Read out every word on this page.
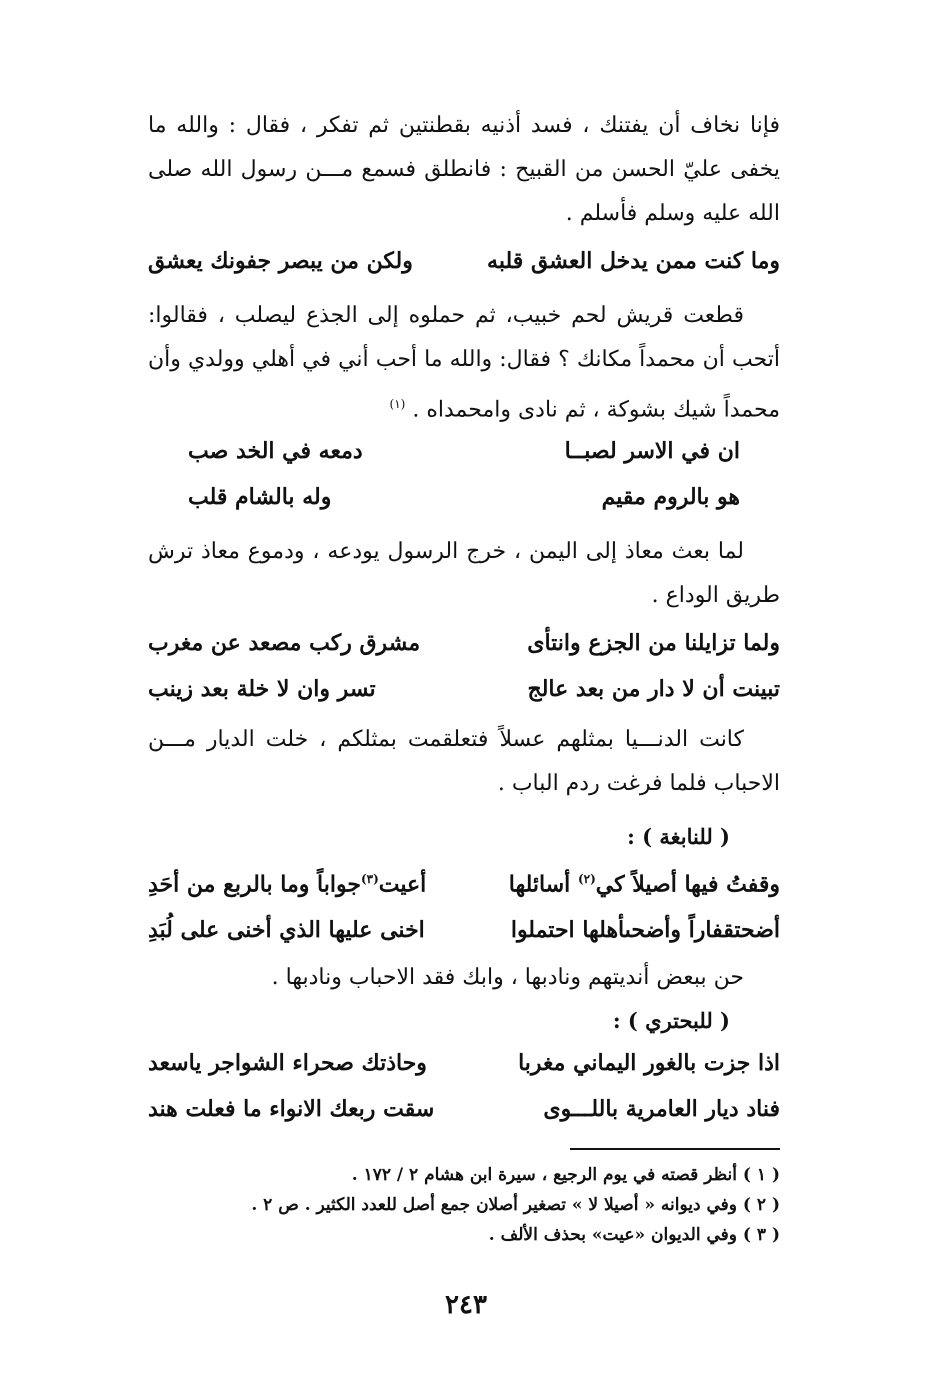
فإنا نخاف أن يفتنك ، فسد أذنيه بقطنتين ثم تفكر ، فقال : والله ما يخفى عليّ الحسن من القبيح : فانطلق فسمع مـــن رسول الله صلى الله عليه وسلم فأسلم .

وما كنت ممن يدخل العشق قلبه
ولكن من يبصر جفونك يعشق

قطعت قريش لحم خبيب، ثم حملوه إلى الجذع ليصلب ، فقالوا: أتحب أن محمداً مكانك ؟ فقال: والله ما أحب أني في أهلي وولدي وأن محمداً شيك بشوكة ، ثم نادى وامحمداه . $^{(١)}$

ان في الاسر لصبــا
دمعه في الخد صب
هو بالروم مقيم
وله بالشام قلب

لما بعث معاذ إلى اليمن ، خرج الرسول يودعه ، ودموع معاذ ترش طريق الوداع .

ولما تزايلنا من الجزع وانتأى
مشرق ركب مصعد عن مغرب
تبينت أن لا دار من بعد عالج
تسر وان لا خلة بعد زينب

كانت الدنـــيا بمثلهم عسلاً فتعلقمت بمثلكم ، خلت الديار مـــن الاحباب فلما فرغت ردم الباب .

( للنابغة ) :

وقفتُ فيها أصيلاً كي$^{(٢)}$ أسائلها
أعيت$^{(٣)}$جواباً وما بالربع من أحَدِ
أضحتقفاراً وأضحىأهلها احتملوا
اخنى عليها الذي أخنى على لُبَدِ

حن ببعض أنديتهم ونادبها ، وابك فقد الاحباب ونادبها .

( للبحتري ) :

اذا جزت بالغور اليماني مغربا
وحاذتك صحراء الشواجر ياسعد
فناد ديار العامرية باللـــوى
سقت ربعك الانواء ما فعلت هند

( ١ ) أنظر قصته في يوم الرجيع ، سيرة ابن هشام ٢ / ١٧٢ .

( ٢ ) وفي ديوانه « أصيلا لا » تصغير أصلان جمع أصل للعدد الكثير . ص ٢ .

( ٣ ) وفي الديوان «عيت» بحذف الألف .

٢٤٣
